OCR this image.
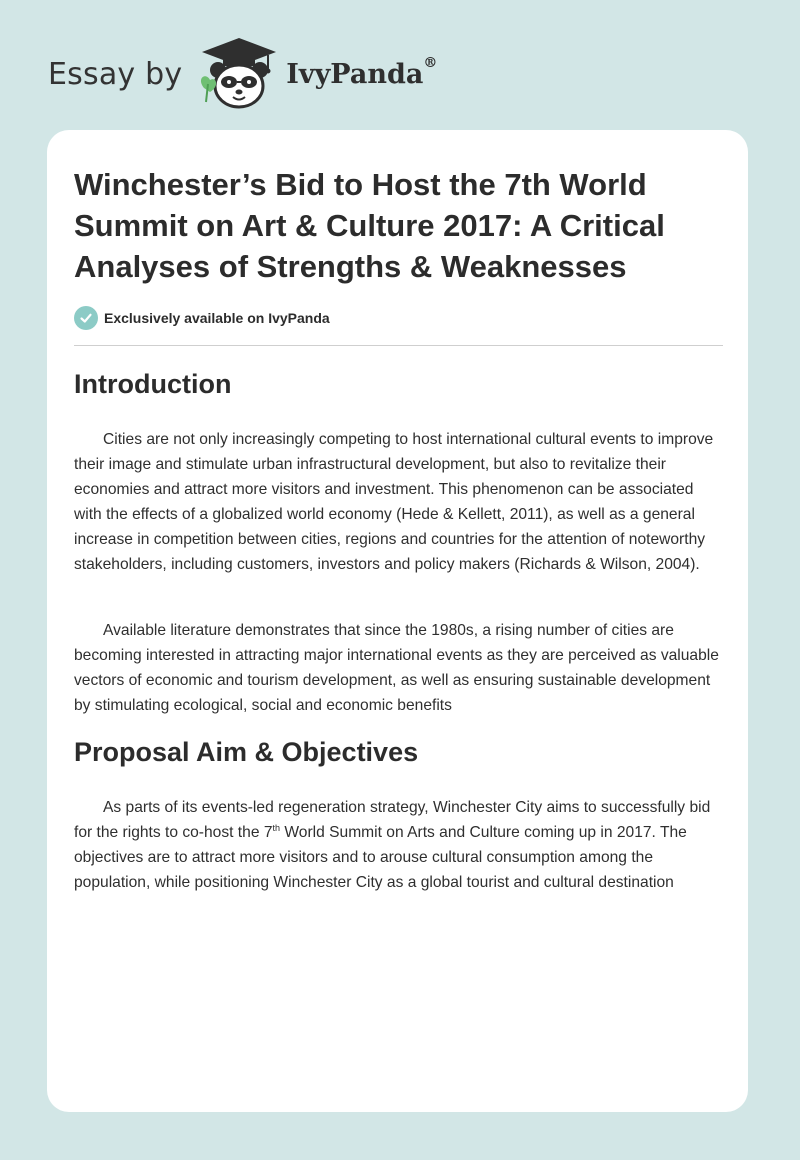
Essay by	IvyPanda®
Winchester’s Bid to Host the 7th World Summit on Art & Culture 2017: A Critical Analyses of Strengths & Weaknesses
Exclusively available on IvyPanda
Introduction

Cities are not only increasingly competing to host international cultural events to improve their image and stimulate urban infrastructural development, but also to revitalize their economies and attract more visitors and investment. This phenomenon can be associated with the effects of a globalized world economy (Hede & Kellett, 2011), as well as a general increase in competition between cities, regions and countries for the attention of noteworthy stakeholders, including customers, investors and policy makers (Richards & Wilson, 2004).

Available literature demonstrates that since the 1980s, a rising number of cities are becoming interested in attracting major international events as they are perceived as valuable vectors of economic and tourism development, as well as ensuring sustainable development by stimulating ecological, social and economic benefits

Proposal Aim & Objectives

As parts of its events-led regeneration strategy, Winchester City aims to successfully bid for the rights to co-host the 7th World Summit on Arts and Culture coming up in 2017. The objectives are to attract more visitors and to arouse cultural consumption among the population, while positioning Winchester City as a global tourist and cultural destination
